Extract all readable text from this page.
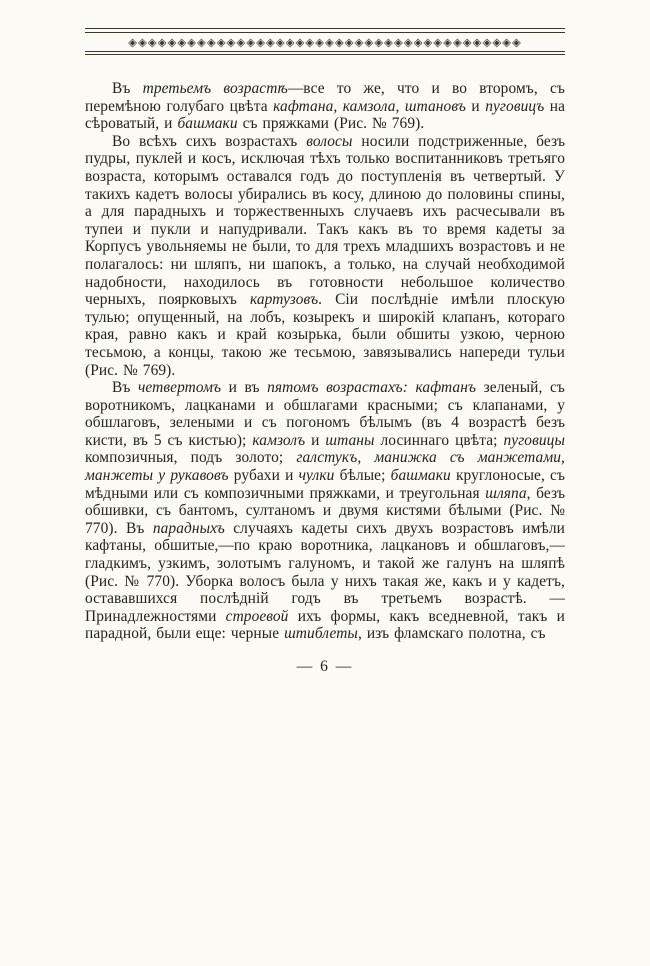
◈◈◈◈◈◈◈◈◈◈◈◈◈◈◈◈◈◈◈◈◈◈◈◈◈◈◈◈◈◈◈◈◈◈◈◈◈◈◈◈

Въ третьемъ возрастѣ—все то же, что и во второмъ, съ перемѣною голубаго цвѣта кафтана, камзола, штановъ и пуговицъ на сѣроватый, и башмаки съ пряжками (Рис. № 769).

Во всѣхъ сихъ возрастахъ волосы носили подстриженные, безъ пудры, пуклей и косъ, исключая тѣхъ только воспитанниковъ третьяго возраста, которымъ оставался годъ до поступленія въ четвертый. У такихъ кадетъ волосы убирались въ косу, длиною до половины спины, а для парадныхъ и торжественныхъ случаевъ ихъ расчесывали въ тупеи и пукли и напудривали. Такъ какъ въ то время кадеты за Корпусъ увольняемы не были, то для трехъ младшихъ возрастовъ и не полагалось: ни шляпъ, ни шапокъ, а только, на случай необходимой надобности, находилось въ готовности небольшое количество черныхъ, поярковыхъ картузовъ. Сіи послѣдніе имѣли плоскую тулью; опущенный, на лобъ, козырекъ и широкій клапанъ, котораго края, равно какъ и край козырька, были обшиты узкою, черною тесьмою, а концы, такою же тесьмою, завязывались напереди тульи (Рис. № 769).

Въ четвертомъ и въ пятомъ возрастахъ: кафтанъ зеленый, съ воротникомъ, лацканами и обшлагами красными; съ клапанами, у обшлаговъ, зелеными и съ погономъ бѣлымъ (въ 4 возрастѣ безъ кисти, въ 5 съ кистью); камзолъ и штаны лосиннаго цвѣта; пуговицы композичныя, подъ золото; галстукъ, манижка съ манжетами, манжеты у рукавовъ рубахи и чулки бѣлые; башмаки круглоносые, съ мѣдными или съ композичными пряжками, и треугольная шляпа, безъ обшивки, съ бантомъ, султаномъ и двумя кистями бѣлыми (Рис. № 770). Въ парадныхъ случаяхъ кадеты сихъ двухъ возрастовъ имѣли кафтаны, обшитые,—по краю воротника, лацкановъ и обшлаговъ,—гладкимъ, узкимъ, золотымъ галуномъ, и такой же галунъ на шляпѣ (Рис. № 770). Уборка волосъ была у нихъ такая же, какъ и у кадетъ, остававшихся послѣдній годъ въ третьемъ возрастѣ. — Принадлежностями строевой ихъ формы, какъ вседневной, такъ и парадной, были еще: черные штиблеты, изъ фламскаго полотна, съ

— 6 —
